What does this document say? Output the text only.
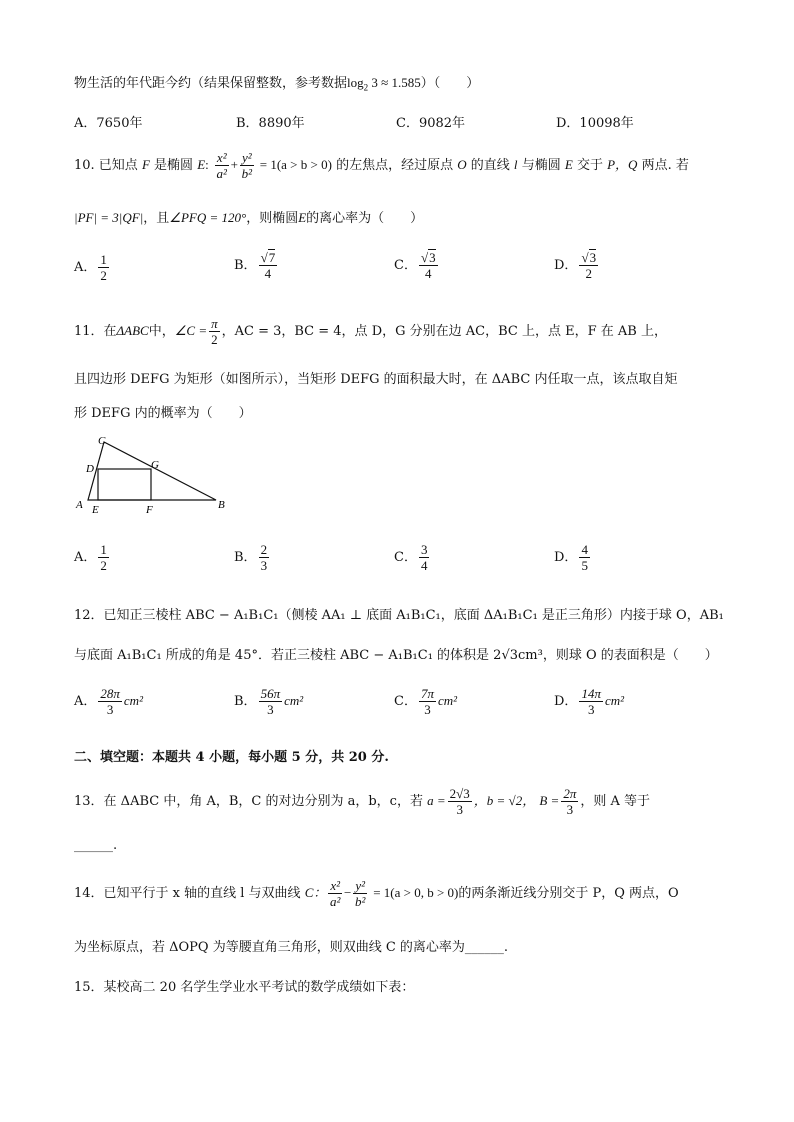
物生活的年代距今约（结果保留整数，参考数据$\log_2 3 \approx 1.585$）（　　）
A．7650年	B．8890年	C．9082年	D．10098年
10. 已知点 F 是椭圆 E: $\frac{\text{x²}}{\text{a²}} + \frac{\text{y²}}{\text{b²}} = 1(a > b > 0)$ 的左焦点，经过原点 O 的直线 l 与椭圆 E 交于 P，Q 两点. 若
|PF| = 3|QF|，且∠PFQ = 120°，则椭圆E的离心率为（　　）
A． $\frac{1}{2}$	B． $\frac{√7}{4}$	C． $\frac{√3}{4}$	D． $\frac{√3}{2}$
11．在ΔABC中，∠C = $\frac{\pi}{2}$ ，AC = 3，BC = 4，点 D，G 分别在边 AC，BC 上，点 E，F 在 AB 上，
且四边形 DEFG 为矩形（如图所示），当矩形 DEFG 的面积最大时，在 ΔABC 内任取一点，该点取自矩
形 DEFG 内的概率为（　　）
A	B
C
D
E	F
G
A． $\frac{1}{2}$	B． $\frac{2}{3}$	C． $\frac{3}{4}$	D． $\frac{4}{5}$
12．已知正三棱柱 ABC − A₁B₁C₁（侧棱 AA₁ ⊥ 底面 A₁B₁C₁，底面 ΔA₁B₁C₁ 是正三角形）内接于球 O，AB₁
与底面 A₁B₁C₁ 所成的角是 45°．若正三棱柱 ABC − A₁B₁C₁ 的体积是 2√3cm³，则球 O 的表面积是（　　）
A． $\frac{28\pi}{3} cm^2$	B． $\frac{56\pi}{3} cm^2$	C． $\frac{7\pi}{3} cm^2$	D． $\frac{14\pi}{3} cm^2$
二、填空题：本题共 4 小题，每小题 5 分，共 20 分.
13．在 ΔABC 中，角 A，B，C 的对边分别为 a，b，c，若 $a = \frac{2√3}{3}$ ，b = √2， $B = \frac{2\pi}{3}$ ，则 A 等于
______.
14．已知平行于 x 轴的直线 l 与双曲线 C： $\frac{\text{x²}}{\text{a²}} - \frac{\text{y²}}{\text{b²}} = 1(a > 0$, b > 0)的两条渐近线分别交于 P，Q 两点，O
为坐标原点，若 ΔOPQ 为等腰直角三角形，则双曲线 C 的离心率为______.
15．某校高二 20 名学生学业水平考试的数学成绩如下表：
